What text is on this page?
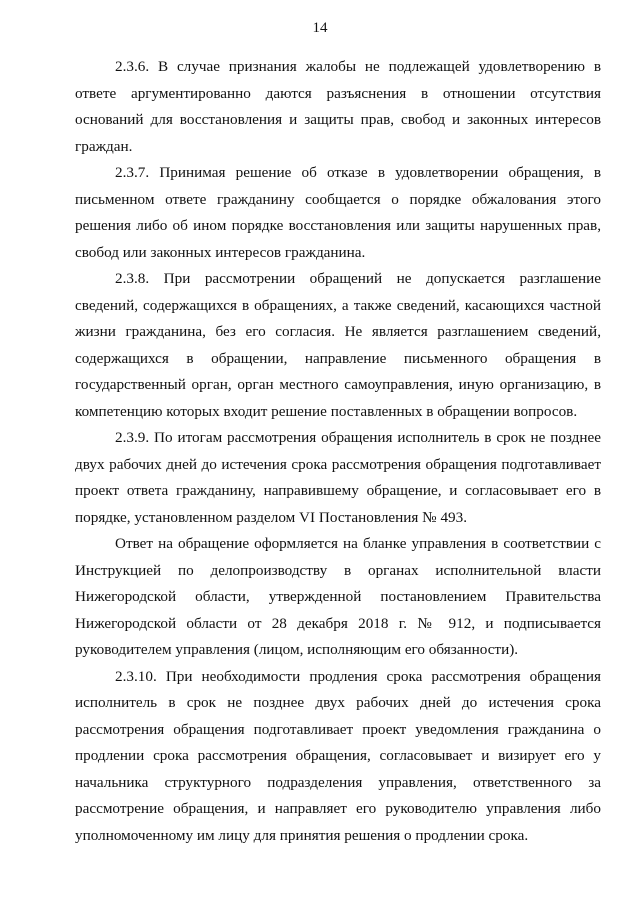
14

2.3.6. В случае признания жалобы не подлежащей удовлетворению в ответе аргументированно даются разъяснения в отношении отсутствия оснований для восстановления и защиты прав, свобод и законных интересов граждан.

2.3.7. Принимая решение об отказе в удовлетворении обращения, в письменном ответе гражданину сообщается о порядке обжалования этого решения либо об ином порядке восстановления или защиты нарушенных прав, свобод или законных интересов гражданина.

2.3.8. При рассмотрении обращений не допускается разглашение сведений, содержащихся в обращениях, а также сведений, касающихся частной жизни гражданина, без его согласия. Не является разглашением сведений, содержащихся в обращении, направление письменного обращения в государственный орган, орган местного самоуправления, иную организацию, в компетенцию которых входит решение поставленных в обращении вопросов.

2.3.9. По итогам рассмотрения обращения исполнитель в срок не позднее двух рабочих дней до истечения срока рассмотрения обращения подготавливает проект ответа гражданину, направившему обращение, и согласовывает его в порядке, установленном разделом VI Постановления № 493.

Ответ на обращение оформляется на бланке управления в соответствии с Инструкцией по делопроизводству в органах исполнительной власти Нижегородской области, утвержденной постановлением Правительства Нижегородской области от 28 декабря 2018 г. № 912, и подписывается руководителем управления (лицом, исполняющим его обязанности).

2.3.10. При необходимости продления срока рассмотрения обращения исполнитель в срок не позднее двух рабочих дней до истечения срока рассмотрения обращения подготавливает проект уведомления гражданина о продлении срока рассмотрения обращения, согласовывает и визирует его у начальника структурного подразделения управления, ответственного за рассмотрение обращения, и направляет его руководителю управления либо уполномоченному им лицу для принятия решения о продлении срока.
